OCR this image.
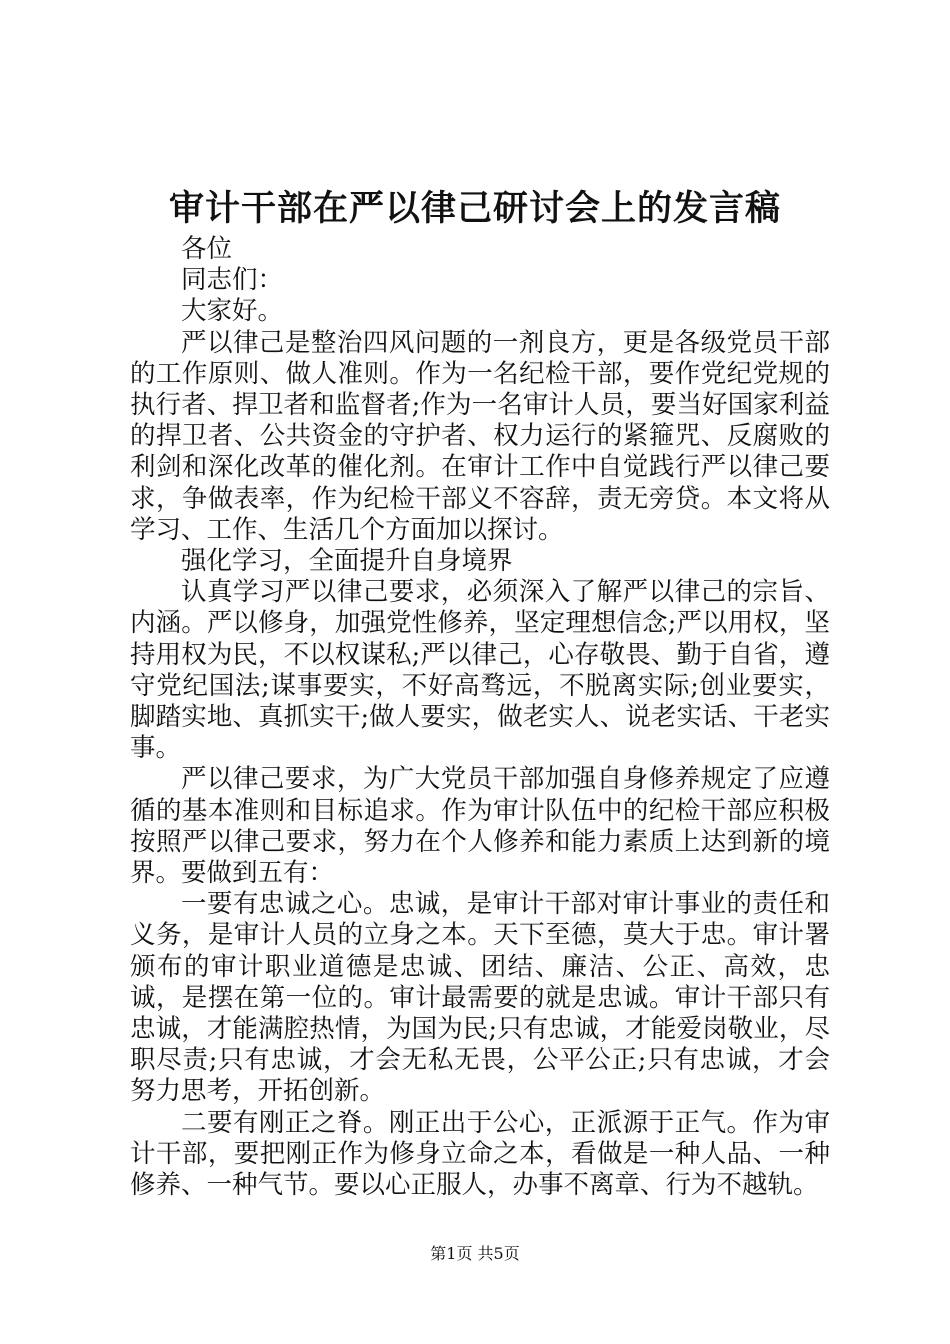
审计干部在严以律己研讨会上的发言稿

各位

同志们：

大家好。

严以律己是整治四风问题的一剂良方，更是各级党员干部的工作原则、做人准则。作为一名纪检干部，要作党纪党规的执行者、捍卫者和监督者;作为一名审计人员，要当好国家利益的捍卫者、公共资金的守护者、权力运行的紧箍咒、反腐败的利剑和深化改革的催化剂。在审计工作中自觉践行严以律己要求，争做表率，作为纪检干部义不容辞，责无旁贷。本文将从学习、工作、生活几个方面加以探讨。

强化学习，全面提升自身境界

认真学习严以律己要求，必须深入了解严以律己的宗旨、内涵。严以修身，加强党性修养，坚定理想信念;严以用权，坚持用权为民，不以权谋私;严以律己，心存敬畏、勤于自省，遵守党纪国法;谋事要实，不好高骛远，不脱离实际;创业要实，脚踏实地、真抓实干;做人要实，做老实人、说老实话、干老实事。

严以律己要求，为广大党员干部加强自身修养规定了应遵循的基本准则和目标追求。作为审计队伍中的纪检干部应积极按照严以律己要求，努力在个人修养和能力素质上达到新的境界。要做到五有：

一要有忠诚之心。忠诚，是审计干部对审计事业的责任和义务，是审计人员的立身之本。天下至德，莫大于忠。审计署颁布的审计职业道德是忠诚、团结、廉洁、公正、高效，忠诚，是摆在第一位的。审计最需要的就是忠诚。审计干部只有忠诚，才能满腔热情，为国为民;只有忠诚，才能爱岗敬业，尽职尽责;只有忠诚，才会无私无畏，公平公正;只有忠诚，才会努力思考，开拓创新。

二要有刚正之脊。刚正出于公心，正派源于正气。作为审计干部，要把刚正作为修身立命之本，看做是一种人品、一种修养、一种气节。要以心正服人，办事不离章、行为不越轨。

第1页 共5页
